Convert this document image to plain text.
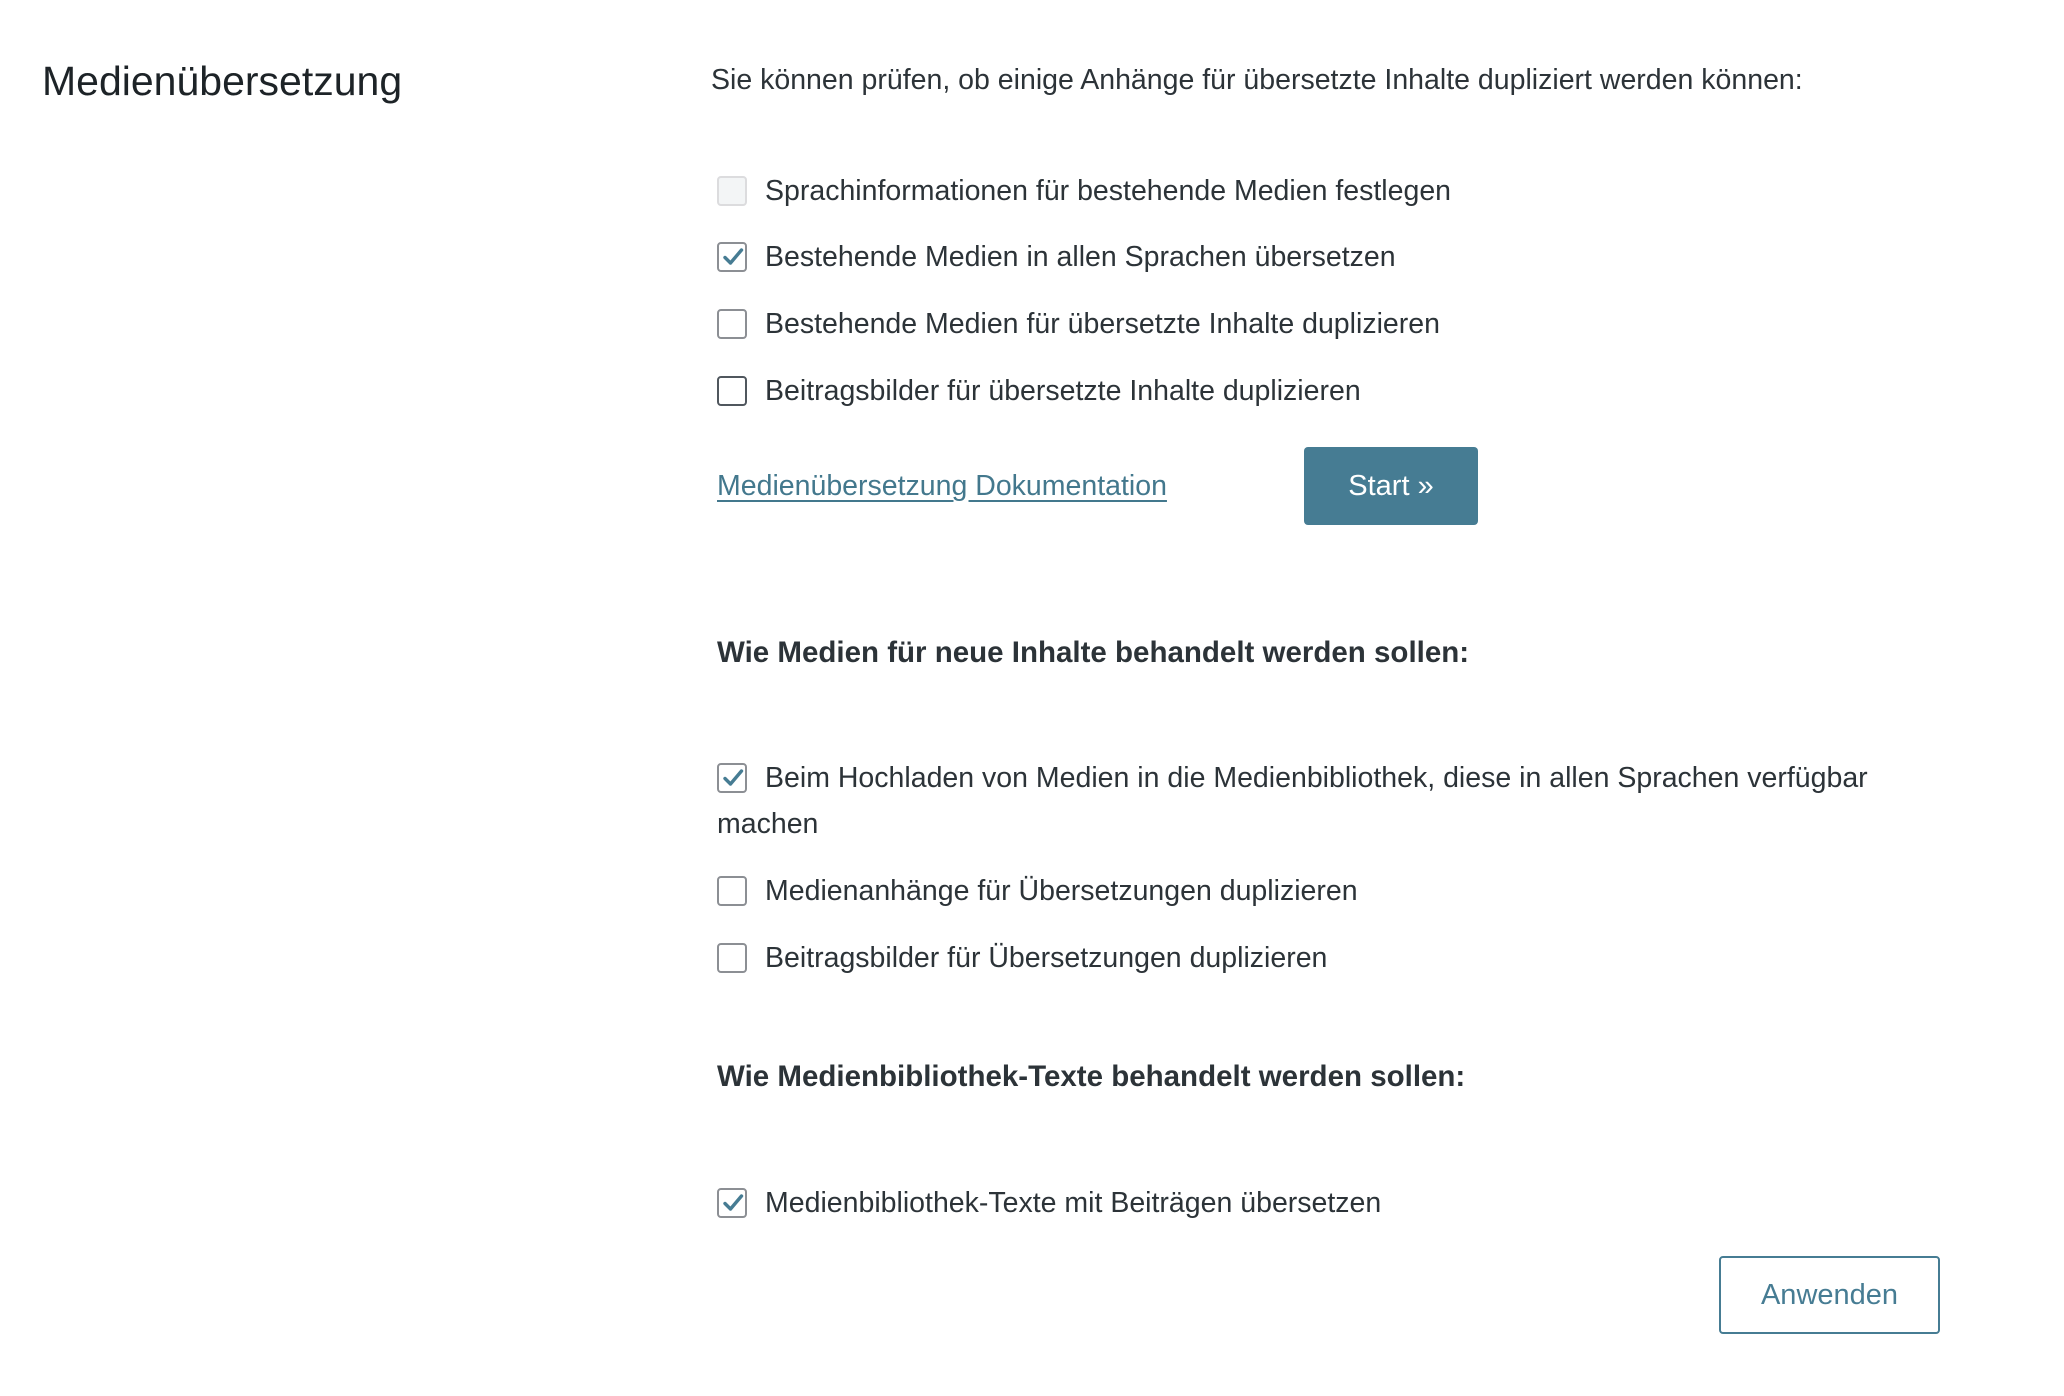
Medienübersetzung	Sie können prüfen, ob einige Anhänge für übersetzte Inhalte dupliziert werden können:
Sprachinformationen für bestehende Medien festlegen
Bestehende Medien in allen Sprachen übersetzen
Bestehende Medien für übersetzte Inhalte duplizieren
Beitragsbilder für übersetzte Inhalte duplizieren
Medienübersetzung Dokumentation	Start »
Wie Medien für neue Inhalte behandelt werden sollen:
Beim Hochladen von Medien in die Medienbibliothek, diese in allen Sprachen verfügbar machen
Medienanhänge für Übersetzungen duplizieren
Beitragsbilder für Übersetzungen duplizieren
Wie Medienbibliothek-Texte behandelt werden sollen:
Medienbibliothek-Texte mit Beiträgen übersetzen
Anwenden
